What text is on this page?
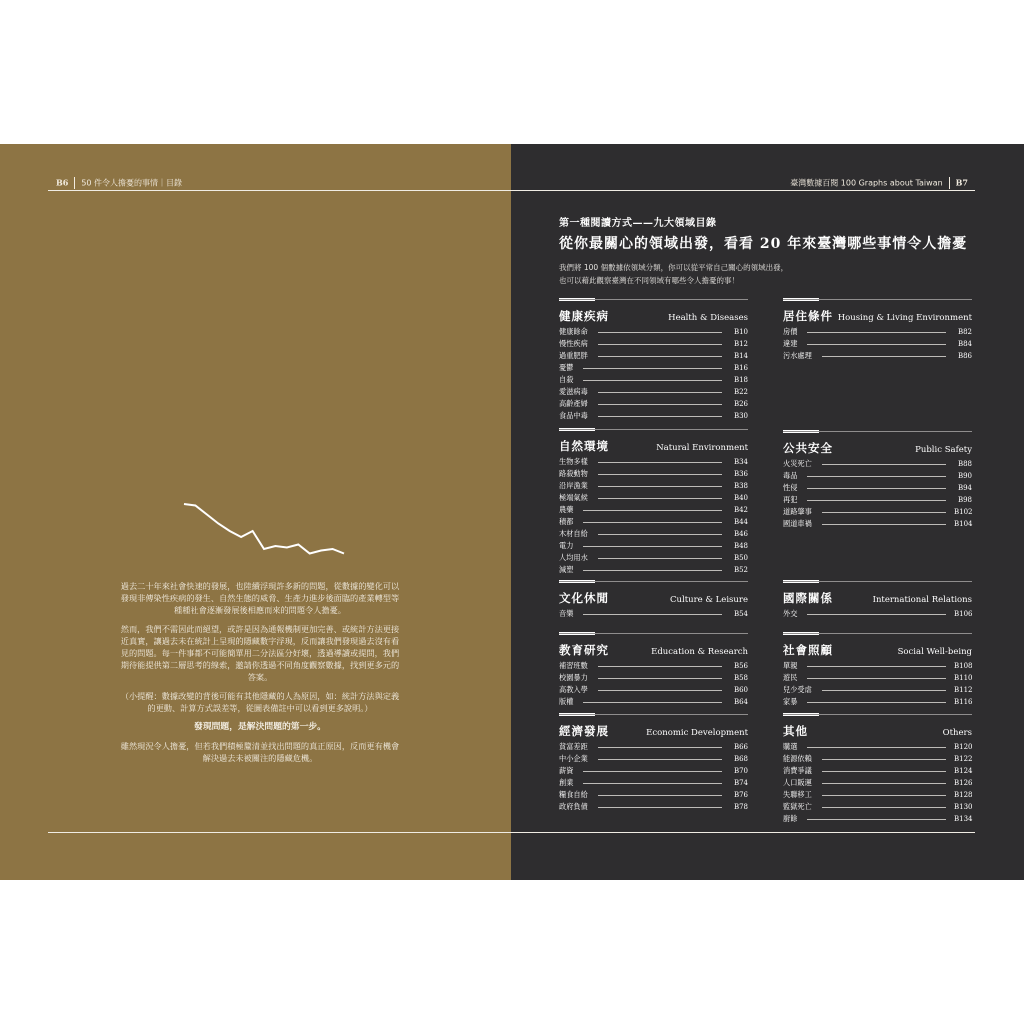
B6 50 件令人擔憂的事情｜目錄

過去二十年來社會快速的發展，也陸續浮現許多新的問題，從數據的變化可以發現非傳染性疾病的發生、自然生態的威脅、生產力進步後面臨的產業轉型等種種社會逐漸發展後相應而來的問題令人擔憂。

然而，我們不需因此而絕望，或許是因為通報機制更加完善、或統計方法更接近真實，讓過去未在統計上呈現的隱藏數字浮現，反而讓我們發現過去沒有看見的問題。每一件事都不可能簡單用二分法區分好壞，透過導讀或提問，我們期待能提供第二層思考的線索，邀請你透過不同角度觀察數據，找到更多元的答案。

（小提醒：數據改變的背後可能有其他隱藏的人為原因，如：統計方法與定義的更動、計算方式誤差等，從圖表備註中可以看到更多說明。）

發現問題，是解決問題的第一步。

雖然現況令人擔憂，但若我們積極釐清並找出問題的真正原因，反而更有機會解決過去未被關注的隱藏危機。

臺灣數據百閱 100 Graphs about Taiwan B7
第一種閱讀方式——九大領域目錄
從你最關心的領域出發，看看 20 年來臺灣哪些事情令人擔憂
我們將 100 個數據依領域分類，你可以從平常自己關心的領域出發，
也可以藉此觀察臺灣在不同領域有哪些令人擔憂的事！
健康疾病	Health & Diseases
健康餘命	B10
慢性疾病	B12
過重肥胖	B14
憂鬱	B16
自殺	B18
愛滋病毒	B22
高齡產婦	B26
食品中毒	B30
自然環境	Natural Environment
生物多樣	B34
路殺動物	B36
沿岸漁業	B38
極端氣候	B40
農藥	B42
積都	B44
木材自給	B46
電力	B48
人均用水	B50
減塑	B52
文化休閒	Culture & Leisure
音樂	B54
教育研究	Education & Research
補習班數	B56
校園暴力	B58
高教入學	B60
版權	B64
經濟發展	Economic Development
貧富差距	B66
中小企業	B68
薪資	B70
創業	B74
糧食自給	B76
政府負債	B78
居住條件 Housing & Living Environment
房價	B82
違建	B84
污水處理	B86
公共安全	Public Safety
火災死亡	B88
毒品	B90
性侵	B94
再犯	B98
道路肇事	B102
國道車禍	B104
國際關係	International Relations
外交	B106
社會照顧	Social Well-being
單親	B108
遊民	B110
兒少受虐	B112
家暴	B116
其他	Others
購選	B120
能源依賴	B122
消費爭議	B124
人口販運	B126
失聯移工	B128
監獄死亡	B130
廚餘	B134
